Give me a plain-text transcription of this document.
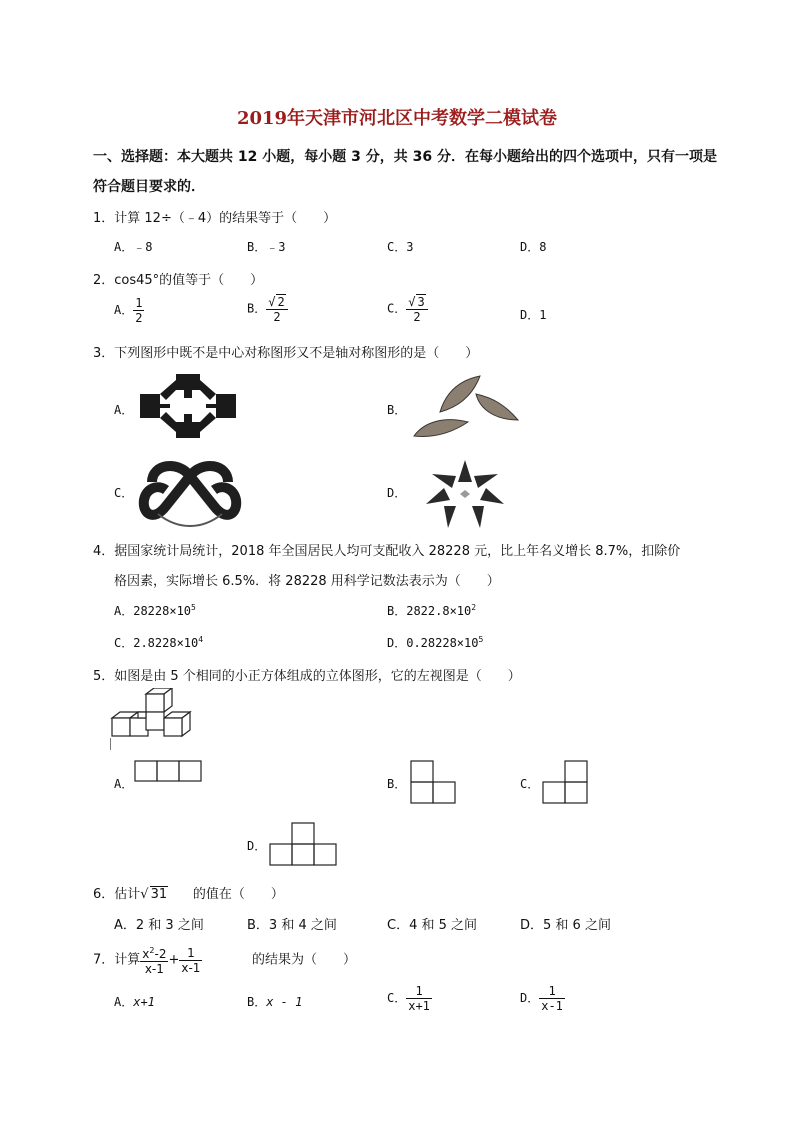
2019年天津市河北区中考数学二模试卷
一、选择题：本大题共 12 小题，每小题 3 分，共 36 分．在每小题给出的四个选项中，只有一项是
符合题目要求的．
1．计算 12÷（﹣4）的结果等于（　　）
A．﹣8	B．﹣3	C．3	D．8
2．cos45°的值等于（　　）
A． $\frac{1}{2}$	B． $\frac{√ 2}{2}$	C． $\frac{√ 3}{2}$	D．1
3．下列图形中既不是中心对称图形又不是轴对称图形的是（　　）
A．	B．
C．	D．
4．据国家统计局统计，2018 年全国居民人均可支配收入 28228 元，比上年名义增长 8.7%，扣除价
格因素，实际增长 6.5%．将 28228 用科学记数法表示为（　　）
A．$28228\times 10^5$	B．$2822.8\times 10^2$
C．$2.8228\times 10^4$	D．$0.28228\times 10^5$
5．如图是由 5 个相同的小正方体组成的立体图形，它的左视图是（　　）
A．	B．	C．
D．
6．估计√ 31 的值在（　　）
A．2 和 3 之间	B．3 和 4 之间	C．4 和 5 之间	D．5 和 6 之间
7．计算 $\frac{x^2-2}{x-1} + \frac{1}{x-1}$	的结果为（　　）
A．x+1	B．x - 1	C． $\frac{1}{x+1}$	D． $\frac{1}{x-1}$
